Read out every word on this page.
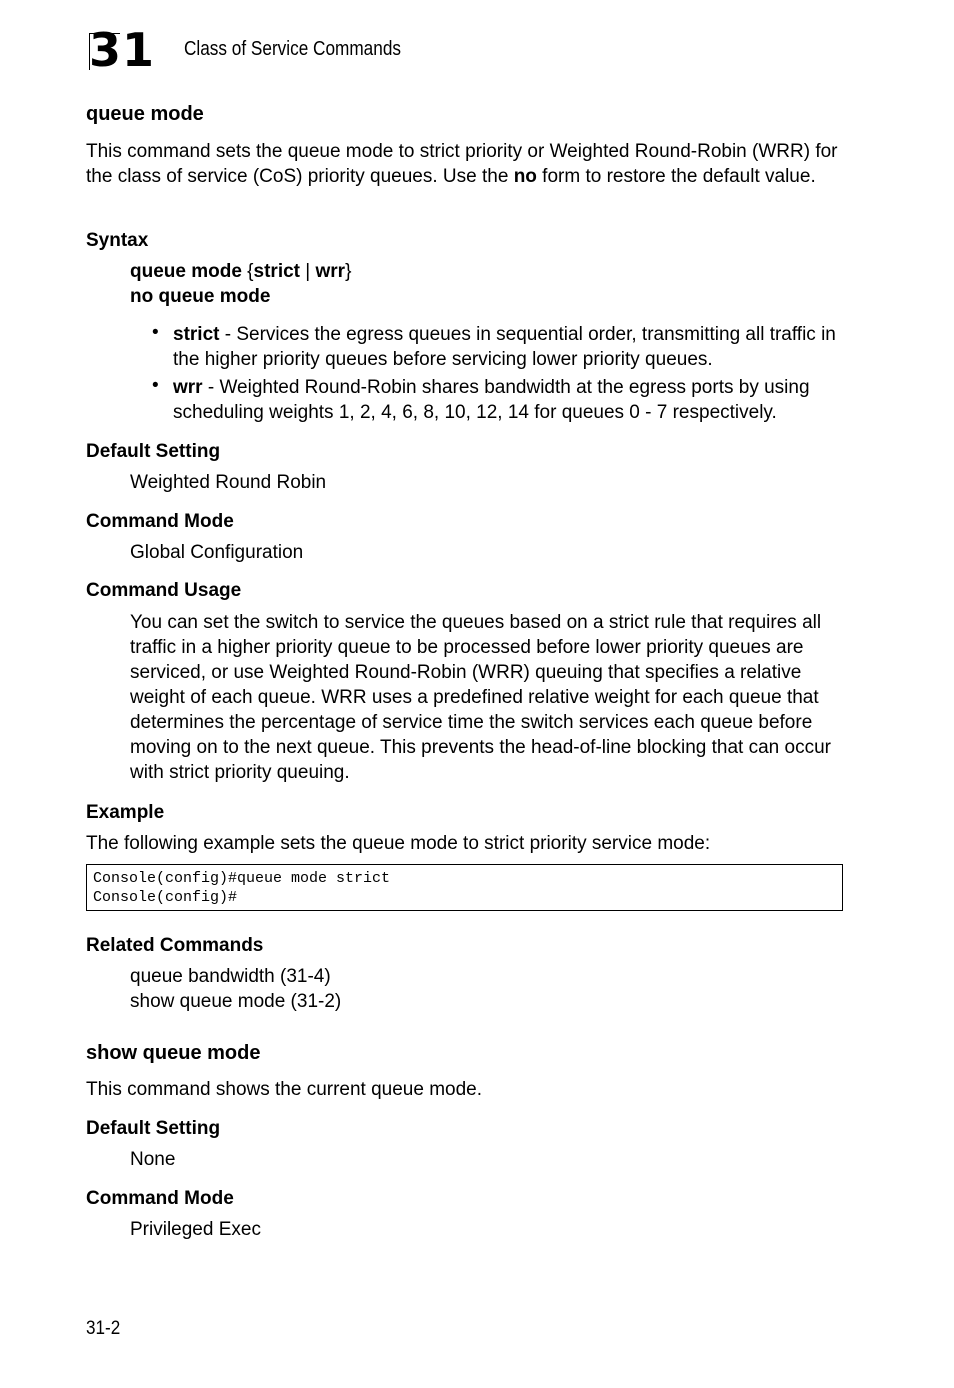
31 Class of Service Commands
queue mode
This command sets the queue mode to strict priority or Weighted Round-Robin (WRR) for the class of service (CoS) priority queues. Use the no form to restore the default value.
Syntax
queue mode {strict | wrr}
no queue mode
• strict - Services the egress queues in sequential order, transmitting all traffic in the higher priority queues before servicing lower priority queues.
• wrr - Weighted Round-Robin shares bandwidth at the egress ports by using scheduling weights 1, 2, 4, 6, 8, 10, 12, 14 for queues 0 - 7 respectively.
Default Setting
Weighted Round Robin
Command Mode
Global Configuration
Command Usage
You can set the switch to service the queues based on a strict rule that requires all traffic in a higher priority queue to be processed before lower priority queues are serviced, or use Weighted Round-Robin (WRR) queuing that specifies a relative weight of each queue. WRR uses a predefined relative weight for each queue that determines the percentage of service time the switch services each queue before moving on to the next queue. This prevents the head-of-line blocking that can occur with strict priority queuing.
Example
The following example sets the queue mode to strict priority service mode:
Console(config)#queue mode strict
Console(config)#
Related Commands
queue bandwidth (31-4)
show queue mode (31-2)
show queue mode
This command shows the current queue mode.
Default Setting
None
Command Mode
Privileged Exec
31-2
